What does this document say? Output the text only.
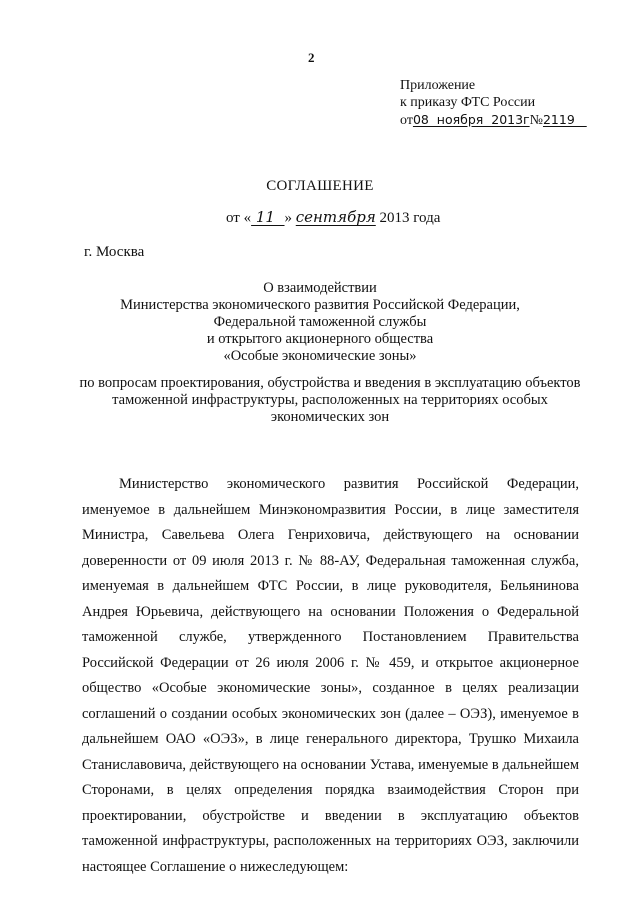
2
Приложение
к приказу ФТС России
от08  ноября  2013г№2119
СОГЛАШЕНИЕ
от « 11  » сентября 2013 года
г. Москва
О взаимодействии
Министерства экономического развития Российской Федерации,
Федеральной таможенной службы
и открытого акционерного общества
«Особые экономические зоны»
по вопросам проектирования, обустройства и введения в эксплуатацию объектов
таможенной инфраструктуры, расположенных на территориях особых
экономических зон

Министерство экономического развития Российской Федерации, именуемое в дальнейшем Минэкономразвития России, в лице заместителя Министра, Савельева Олега Генриховича, действующего на основании доверенности от 09 июля 2013 г. № 88-АУ, Федеральная таможенная служба, именуемая в дальнейшем ФТС России, в лице руководителя, Бельянинова Андрея Юрьевича, действующего на основании Положения о Федеральной таможенной службе, утвержденного Постановлением Правительства Российской Федерации от 26 июля 2006 г. № 459, и открытое акционерное общество «Особые экономические зоны», созданное в целях реализации соглашений о создании особых экономических зон (далее – ОЭЗ), именуемое в дальнейшем ОАО «ОЭЗ», в лице генерального директора, Трушко Михаила Станиславовича, действующего на основании Устава, именуемые в дальнейшем Сторонами, в целях определения порядка взаимодействия Сторон при проектировании, обустройстве и введении в эксплуатацию объектов таможенной инфраструктуры, расположенных на территориях ОЭЗ, заключили настоящее Соглашение о нижеследующем:
